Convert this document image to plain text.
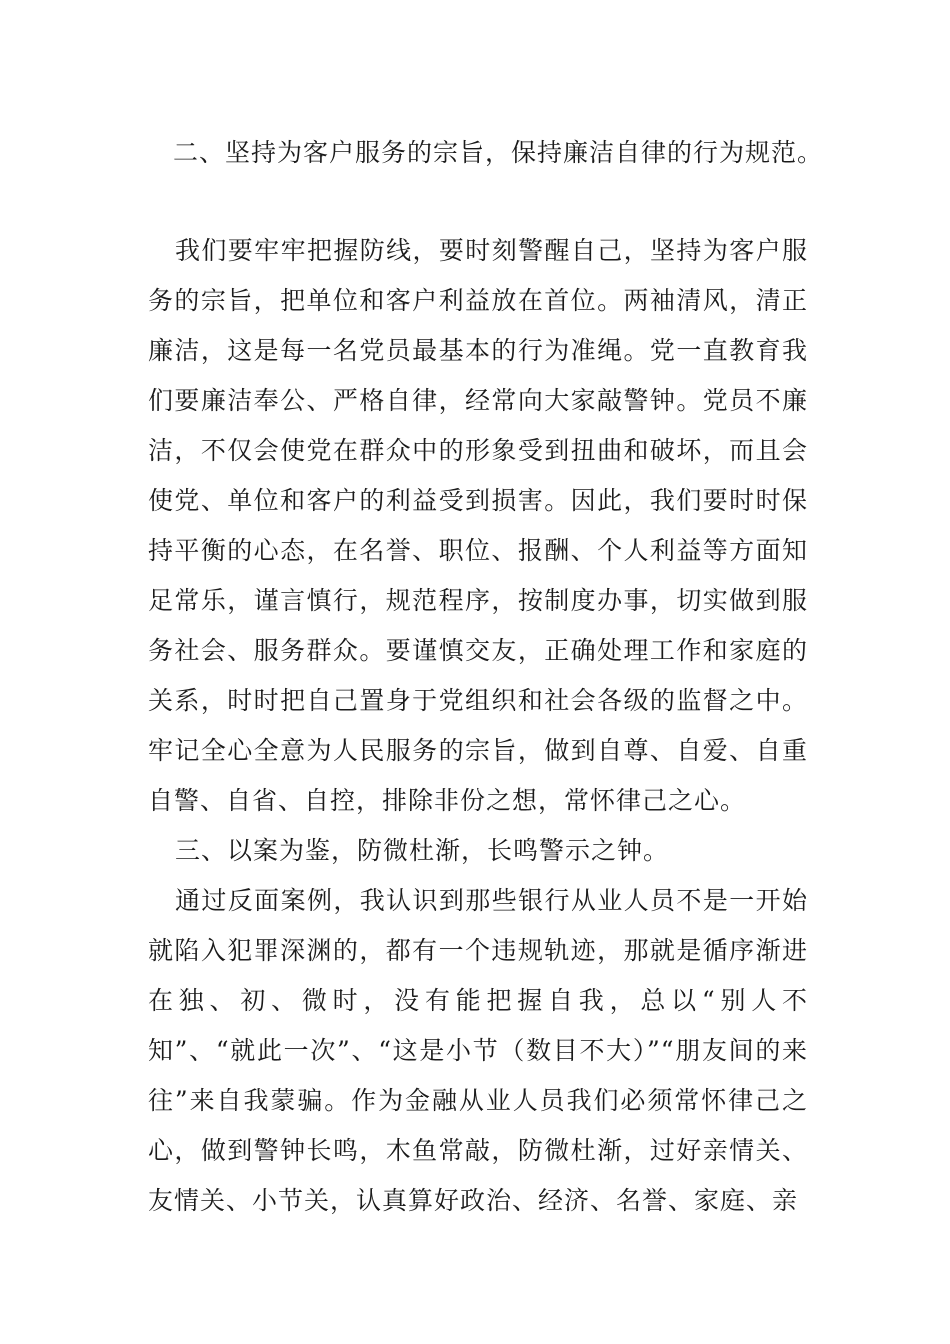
二、坚持为客户服务的宗旨，保持廉洁自律的行为规范。

我们要牢牢把握防线，要时刻警醒自己，坚持为客户服务的宗旨，把单位和客户利益放在首位。两袖清风，清正廉洁，这是每一名党员最基本的行为准绳。党一直教育我们要廉洁奉公、严格自律，经常向大家敲警钟。党员不廉洁，不仅会使党在群众中的形象受到扭曲和破坏，而且会使党、单位和客户的利益受到损害。因此，我们要时时保持平衡的心态，在名誉、职位、报酬、个人利益等方面知足常乐，谨言慎行，规范程序，按制度办事，切实做到服务社会、服务群众。要谨慎交友，正确处理工作和家庭的关系，时时把自己置身于党组织和社会各级的监督之中。牢记全心全意为人民服务的宗旨，做到自尊、自爱、自重自警、自省、自控，排除非份之想，常怀律己之心。

三、以案为鉴，防微杜渐，长鸣警示之钟。

通过反面案例，我认识到那些银行从业人员不是一开始就陷入犯罪深渊的，都有一个违规轨迹，那就是循序渐进在独、初、微时，没有能把握自我，总以“别人不知”、“就此一次”、“这是小节（数目不大）”“朋友间的来往”来自我蒙骗。作为金融从业人员我们必须常怀律己之心，做到警钟长鸣，木鱼常敲，防微杜渐，过好亲情关、友情关、小节关，认真算好政治、经济、名誉、家庭、亲
